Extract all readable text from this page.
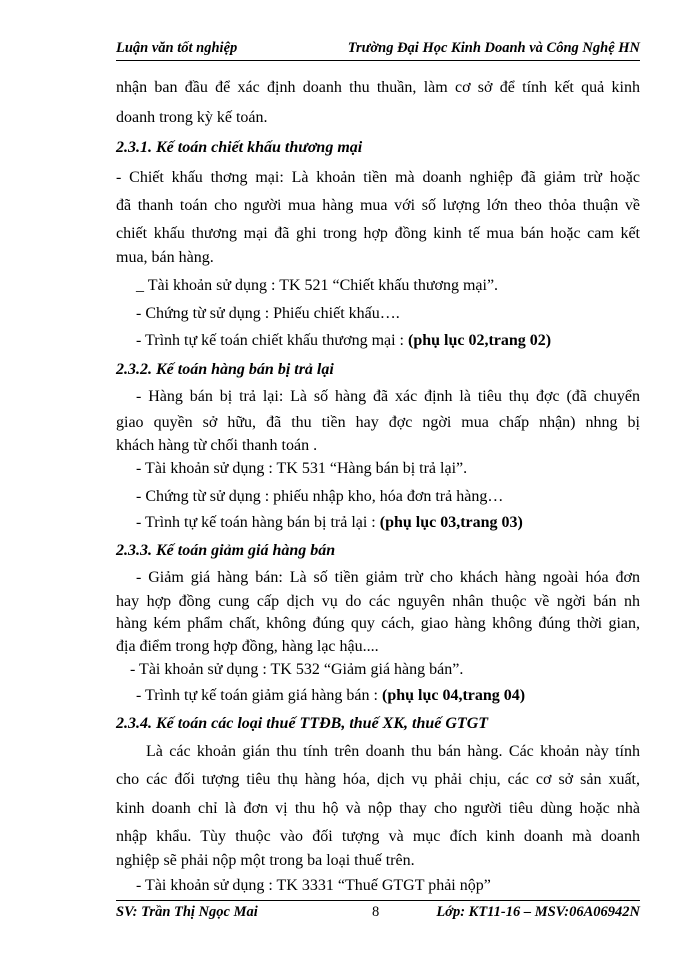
Luận văn tốt nghiệp	Trường Đại Học Kinh Doanh và Công Nghệ HN
nhận ban đầu để xác định doanh thu thuần, làm cơ sở để tính kết quả kinh
doanh trong kỳ kế toán.
2.3.1. Kế toán chiết khấu thương mại
- Chiết khấu thơng mại: Là khoản tiền mà doanh nghiệp đã giảm trừ hoặc
đã thanh toán cho người mua hàng mua với số lượng lớn theo thỏa thuận về
chiết khấu thương mại đã ghi trong hợp đồng kinh tế mua bán hoặc cam kết
mua, bán hàng.
_ Tài khoản sử dụng : TK 521 “Chiết khấu thương mại”.
- Chứng từ sử dụng : Phiếu chiết khấu….
- Trình tự kế toán chiết khấu thương mại : (phụ lục 02,trang 02)
2.3.2. Kế toán hàng bán bị trả lại
- Hàng bán bị trả lại: Là số hàng đã xác định là tiêu thụ đợc (đã chuyển
giao quyền sở hữu, đã thu tiền hay đợc ngời mua chấp nhận) nhng bị
khách hàng từ chối thanh toán .
- Tài khoản sử dụng : TK 531 “Hàng bán bị trả lại”.
- Chứng từ sử dụng : phiếu nhập kho, hóa đơn trả hàng…
- Trình tự kế toán hàng bán bị trả lại : (phụ lục 03,trang 03)
2.3.3. Kế toán giảm giá hàng bán
- Giảm giá hàng bán: Là số tiền giảm trừ cho khách hàng ngoài hóa đơn
hay hợp đồng cung cấp dịch vụ do các nguyên nhân thuộc về ngời bán nh
hàng kém phẩm chất, không đúng quy cách, giao hàng không đúng thời gian,
địa điểm trong hợp đồng, hàng lạc hậu....
- Tài khoản sử dụng : TK 532 “Giảm giá hàng bán”.
- Trình tự kế toán giảm giá hàng bán : (phụ lục 04,trang 04)
2.3.4. Kế toán các loại thuế TTĐB, thuế XK, thuế GTGT
Là các khoản gián thu tính trên doanh thu bán hàng. Các khoản này tính
cho các đối tượng tiêu thụ hàng hóa, dịch vụ phải chịu, các cơ sở sản xuất,
kinh doanh chỉ là đơn vị thu hộ và nộp thay cho người tiêu dùng hoặc nhà
nhập khẩu. Tùy thuộc vào đối tượng và mục đích kinh doanh mà doanh
nghiệp sẽ phải nộp một trong ba loại thuế trên.
- Tài khoản sử dụng : TK 3331 “Thuế GTGT phải nộp”
SV: Trần Thị Ngọc Mai	8	Lớp: KT11-16 – MSV:06A06942N
